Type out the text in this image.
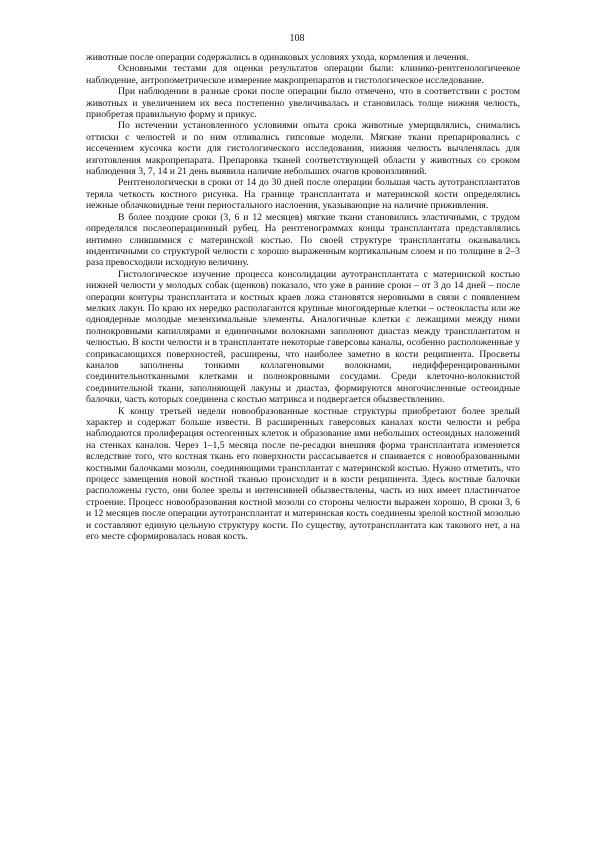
108

животные после операции содержались в одинаковых условиях ухода, кормления и лечения.

Основными тестами для оценки результатов операции были: клинико-рентгенологичеекое наблюдение, антропометрическое измерение макропрепаратов и гистологическое исследование.

При наблюдении в разные сроки после операции было отмечено, что в соответствии с ростом животных и увеличением их веса постепенно увеличивалась и становилась толще нижняя челюсть, приобретая правильную форму и прикус.

По истечении установленного условиями опыта срока животные умерщвлялись, снимались оттиски с челюстей и по ним отливались гипсовые модели. Мягкие ткани препарировались с иссечением кусочка кости для гистологического исследования, нижняя челюсть вычленялась для изготовления макропрепарата. Препаровка тканей соответствующей области у животных со сроком наблюдения 3, 7, 14 и 21 день выявила наличие небольших очагов кровоизлияний.

Рентгенологически в сроки от 14 до 30 дней после операции большая часть аутотрансплантатов теряла четкость костного рисунка. На границе трансплантата и материнской кости определялись нежные облачковидные тени периостального наслоения, указывающие на наличие приживления.

В более поздние сроки (3, 6 и 12 месяцев) мягкие ткани становились эластичными, с трудом определялся послеоперационный рубец. На рентгенограммах концы трансплантата представлялись интимно слившимися с материнской костью. По своей структуре трансплантаты оказывались индентичными со структурой челюсти с хорошо выраженным кортикальным слоем и по толщине в 2–3 раза превосходили исходную величину.

Гистологическое изучение процесса консолидации аутотрансплантата с материнской костью нижней челюсти у молодых собак (щенков) показало, что уже в ранние сроки – от 3 до 14 дней – после операции контуры трансплантата и костных краев ложа становятся неровными в связи с появлением мелких лакун. По краю их нередко располагаются крупные многоядерные клетки – остеокласты или же одноядерные молодые мезенхимальные элементы. Аналогичные клетки с лежащими между ними полнокровными капиллярами и единичными волокнами заполняют диастаз между трансплантатом и челюстью. В кости челюсти и в трансплантате некоторые гаверсовы каналы, особенно расположенные у соприкасающихся поверхностей, расширены, что наиболее заметно в кости реципиента. Просветы каналов заполнены тонкими коллагеновыми волокнами, недифференцированными соединительнотканными клетками и полнокровными сосудами. Среди клеточно-волокнистой соединительной ткани, заполняющей лакуны и диастаз, формируются многочисленные остеоидные балочки, часть которых соединена с костью матрикса и подвергается обызвествлению.

К концу третьей недели новообразованные костные структуры приобретают более зрелый характер и содержат больше извести. В расширенных гаверсовых каналах кости челюсти и ребра наблюдаются пролиферация остеогенных клеток и образование ими небольших остеоидных наложений на стенках каналов. Через 1–1,5 месяца после пе-ресадки внешняя форма трансплантата изменяется вследствие того, что костная ткань его поверхности рассасывается и спаивается с новообразованными костными балочками мозоли, соединяющими трансплантат с материнской костью. Нужно отметить, что процесс замещения новой костной тканью происходит и в кости реципиента. Здесь костные балочки расположены густо, они более зрелы и интенсивней обызвествлены, часть из них имеет пластинчатое строение. Процесс новообразования костной мозоли со стороны челюсти выражен хорошо, В сроки 3, 6 и 12 месяцев после операции аутотрансплантат и материнская кость соединены зрелой костной мозолью и составляют единую цельную структуру кости. По существу, аутотрансплантата как такового нет, а на его месте сформировалась новая кость.
